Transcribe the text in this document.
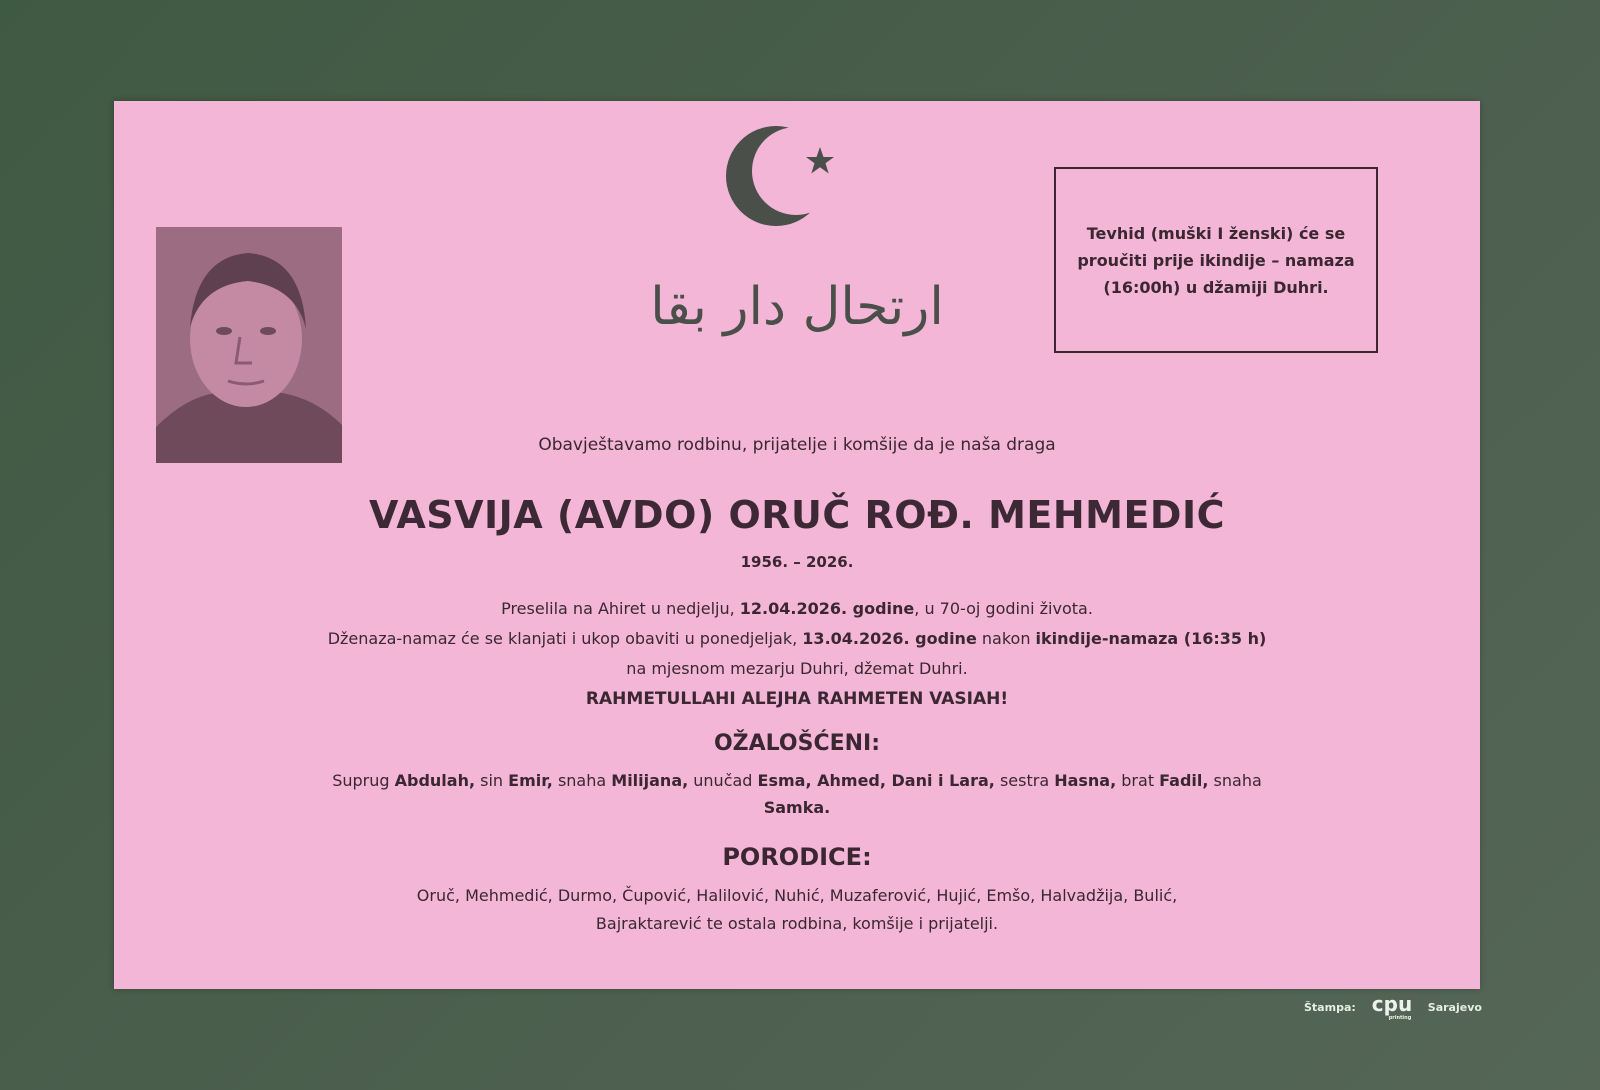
ارتحال دار بقا
Tevhid (muški I ženski) će se proučiti prije ikindije – namaza (16:00h) u džamiji Duhri.
Obavještavamo rodbinu, prijatelje i komšije da je naša draga
VASVIJA (AVDO) ORUČ ROĐ. MEHMEDIĆ
1956. – 2026.
Preselila na Ahiret u nedjelju, 12.04.2026. godine, u 70-oj godini života.
Dženaza-namaz će se klanjati i ukop obaviti u ponedjeljak, 13.04.2026. godine nakon ikindije-namaza (16:35 h)
na mjesnom mezarju Duhri, džemat Duhri.
RAHMETULLAHI ALEJHA RAHMETEN VASIAH!
OŽALOŠĆENI:
Suprug Abdulah, sin Emir, snaha Milijana, unučad Esma, Ahmed, Dani i Lara, sestra Hasna, brat Fadil, snaha
Samka.
PORODICE:
Oruč, Mehmedić, Durmo, Čupović, Halilović, Nuhić, Muzaferović, Hujić, Emšo, Halvadžija, Bulić,
Bajraktarević te ostala rodbina, komšije i prijatelji.
Štampa: cpu
printing
Sarajevo
